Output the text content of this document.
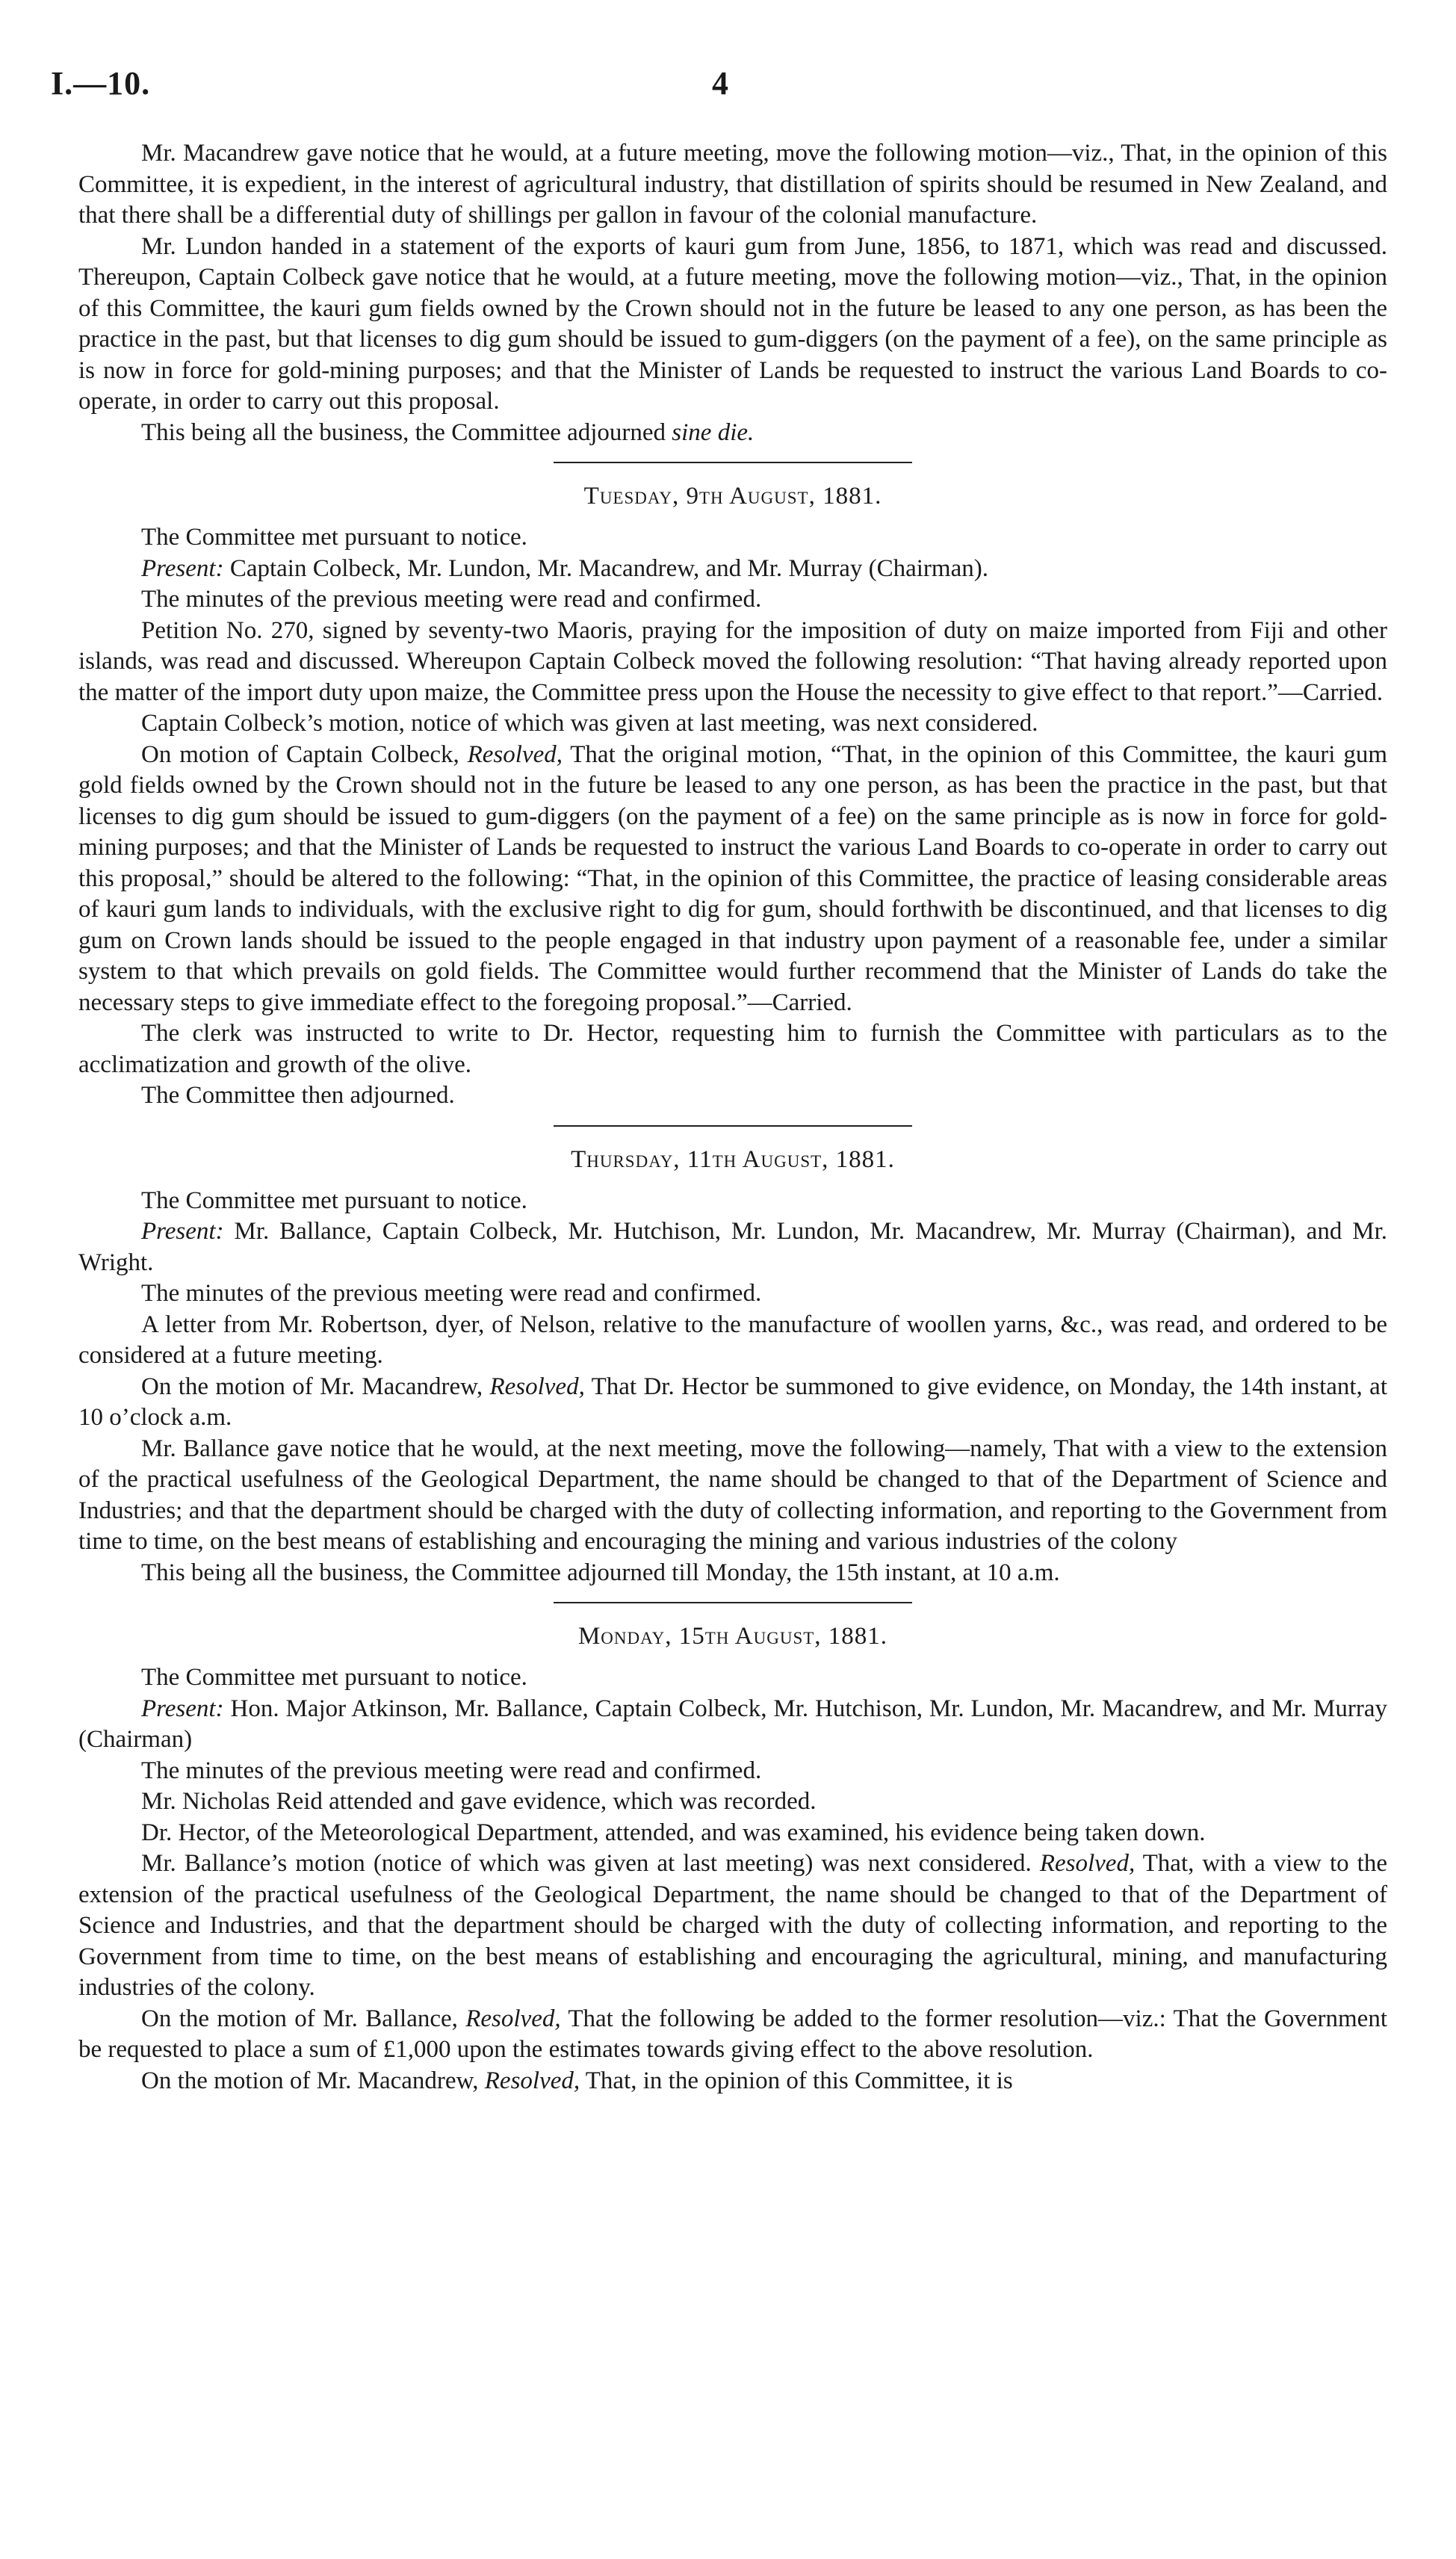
I.—10.	4

Mr. Macandrew gave notice that he would, at a future meeting, move the following motion—viz., That, in the opinion of this Committee, it is expedient, in the interest of agricultural industry, that distillation of spirits should be resumed in New Zealand, and that there shall be a differential duty of shillings per gallon in favour of the colonial manufacture.

Mr. Lundon handed in a statement of the exports of kauri gum from June, 1856, to 1871, which was read and discussed. Thereupon, Captain Colbeck gave notice that he would, at a future meeting, move the following motion—viz., That, in the opinion of this Committee, the kauri gum fields owned by the Crown should not in the future be leased to any one person, as has been the practice in the past, but that licenses to dig gum should be issued to gum-diggers (on the payment of a fee), on the same principle as is now in force for gold-mining purposes; and that the Minister of Lands be requested to instruct the various Land Boards to co-operate, in order to carry out this proposal.

This being all the business, the Committee adjourned sine die.

Tuesday, 9th August, 1881.

The Committee met pursuant to notice.

Present: Captain Colbeck, Mr. Lundon, Mr. Macandrew, and Mr. Murray (Chairman).

The minutes of the previous meeting were read and confirmed.

Petition No. 270, signed by seventy-two Maoris, praying for the imposition of duty on maize imported from Fiji and other islands, was read and discussed. Whereupon Captain Colbeck moved the following resolution: “That having already reported upon the matter of the import duty upon maize, the Committee press upon the House the necessity to give effect to that report.”—Carried.

Captain Colbeck’s motion, notice of which was given at last meeting, was next considered.

On motion of Captain Colbeck, Resolved, That the original motion, “That, in the opinion of this Committee, the kauri gum gold fields owned by the Crown should not in the future be leased to any one person, as has been the practice in the past, but that licenses to dig gum should be issued to gum-diggers (on the payment of a fee) on the same principle as is now in force for gold-mining purposes; and that the Minister of Lands be requested to instruct the various Land Boards to co-operate in order to carry out this proposal,” should be altered to the following: “That, in the opinion of this Committee, the practice of leasing considerable areas of kauri gum lands to individuals, with the exclusive right to dig for gum, should forthwith be discontinued, and that licenses to dig gum on Crown lands should be issued to the people engaged in that industry upon payment of a reasonable fee, under a similar system to that which prevails on gold fields. The Committee would further recommend that the Minister of Lands do take the necessary steps to give immediate effect to the foregoing proposal.”—Carried.

The clerk was instructed to write to Dr. Hector, requesting him to furnish the Committee with particulars as to the acclimatization and growth of the olive.

The Committee then adjourned.

Thursday, 11th August, 1881.

The Committee met pursuant to notice.

Present: Mr. Ballance, Captain Colbeck, Mr. Hutchison, Mr. Lundon, Mr. Macandrew, Mr. Murray (Chairman), and Mr. Wright.

The minutes of the previous meeting were read and confirmed.

A letter from Mr. Robertson, dyer, of Nelson, relative to the manufacture of woollen yarns, &c., was read, and ordered to be considered at a future meeting.

On the motion of Mr. Macandrew, Resolved, That Dr. Hector be summoned to give evidence, on Monday, the 14th instant, at 10 o’clock a.m.

Mr. Ballance gave notice that he would, at the next meeting, move the following—namely, That with a view to the extension of the practical usefulness of the Geological Department, the name should be changed to that of the Department of Science and Industries; and that the department should be charged with the duty of collecting information, and reporting to the Government from time to time, on the best means of establishing and encouraging the mining and various industries of the colony

This being all the business, the Committee adjourned till Monday, the 15th instant, at 10 a.m.

Monday, 15th August, 1881.

The Committee met pursuant to notice.

Present: Hon. Major Atkinson, Mr. Ballance, Captain Colbeck, Mr. Hutchison, Mr. Lundon, Mr. Macandrew, and Mr. Murray (Chairman)

The minutes of the previous meeting were read and confirmed.

Mr. Nicholas Reid attended and gave evidence, which was recorded.

Dr. Hector, of the Meteorological Department, attended, and was examined, his evidence being taken down.

Mr. Ballance’s motion (notice of which was given at last meeting) was next considered. Resolved, That, with a view to the extension of the practical usefulness of the Geological Department, the name should be changed to that of the Department of Science and Industries, and that the department should be charged with the duty of collecting information, and reporting to the Government from time to time, on the best means of establishing and encouraging the agricultural, mining, and manufacturing industries of the colony.

On the motion of Mr. Ballance, Resolved, That the following be added to the former resolution—viz.: That the Government be requested to place a sum of £1,000 upon the estimates towards giving effect to the above resolution.

On the motion of Mr. Macandrew, Resolved, That, in the opinion of this Committee, it is
